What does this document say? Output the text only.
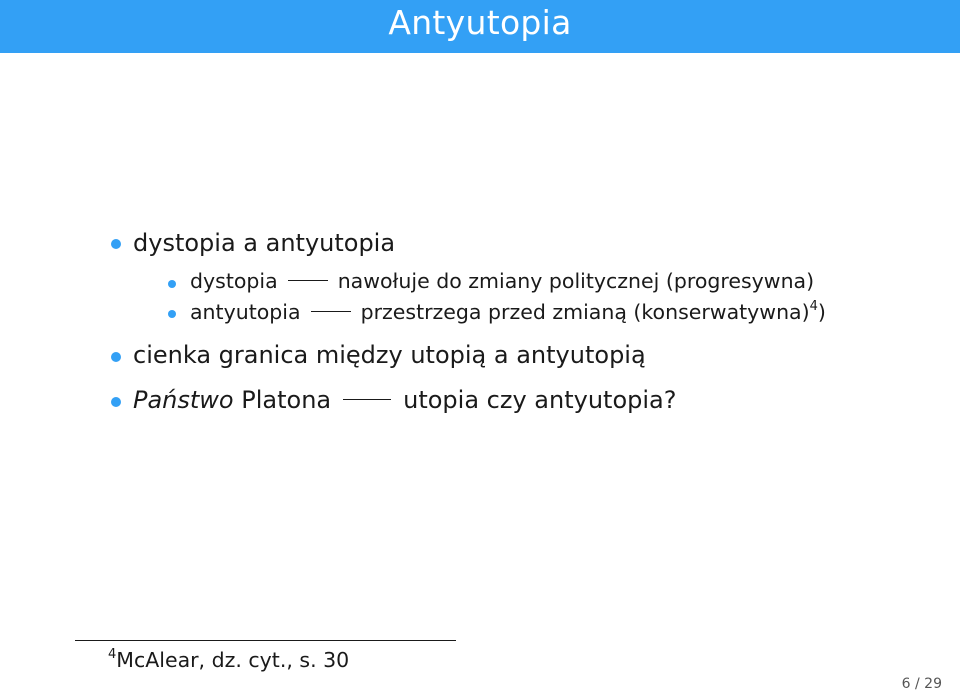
Antyutopia
dystopia a antyutopia
dystopia	nawołuje do zmiany politycznej (progresywna)
antyutopia	przestrzega przed zmianą (konserwatywna)$^4$)
cienka granica między utopią a antyutopią
Państwo Platona	utopia czy antyutopia?
$^4$McAlear, dz. cyt., s. 30
6 / 29
